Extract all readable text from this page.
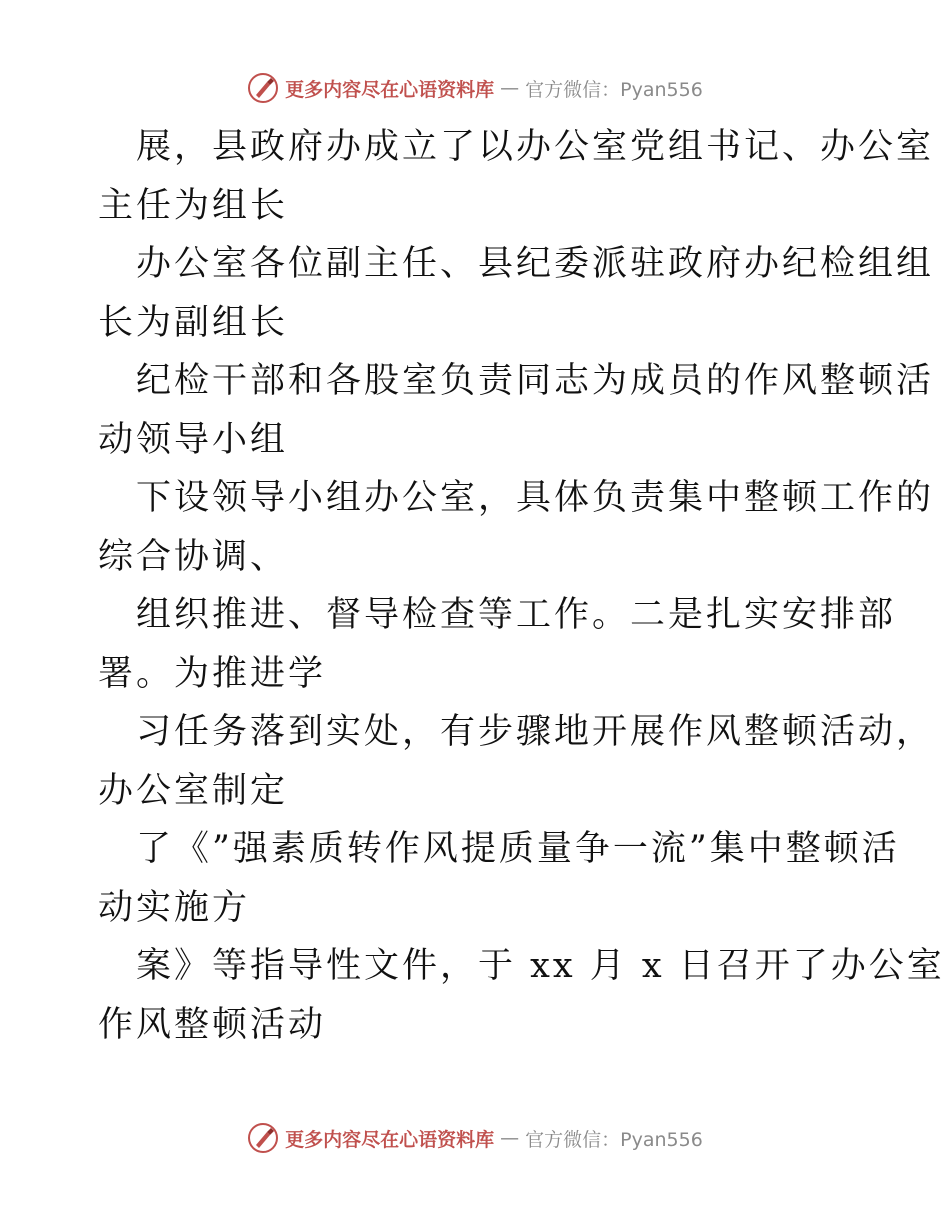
更多内容尽在心语资料库 — 官方微信：Pyan556
展，县政府办成立了以办公室党组书记、办公室
主任为组长
办公室各位副主任、县纪委派驻政府办纪检组组
长为副组长
纪检干部和各股室负责同志为成员的作风整顿活
动领导小组
下设领导小组办公室，具体负责集中整顿工作的
综合协调、
组织推进、督导检查等工作。二是扎实安排部
署。为推进学
习任务落到实处，有步骤地开展作风整顿活动，
办公室制定
了《”强素质转作风提质量争一流”集中整顿活
动实施方
案》等指导性文件，于 xx 月 x 日召开了办公室
作风整顿活动
更多内容尽在心语资料库 — 官方微信：Pyan556
